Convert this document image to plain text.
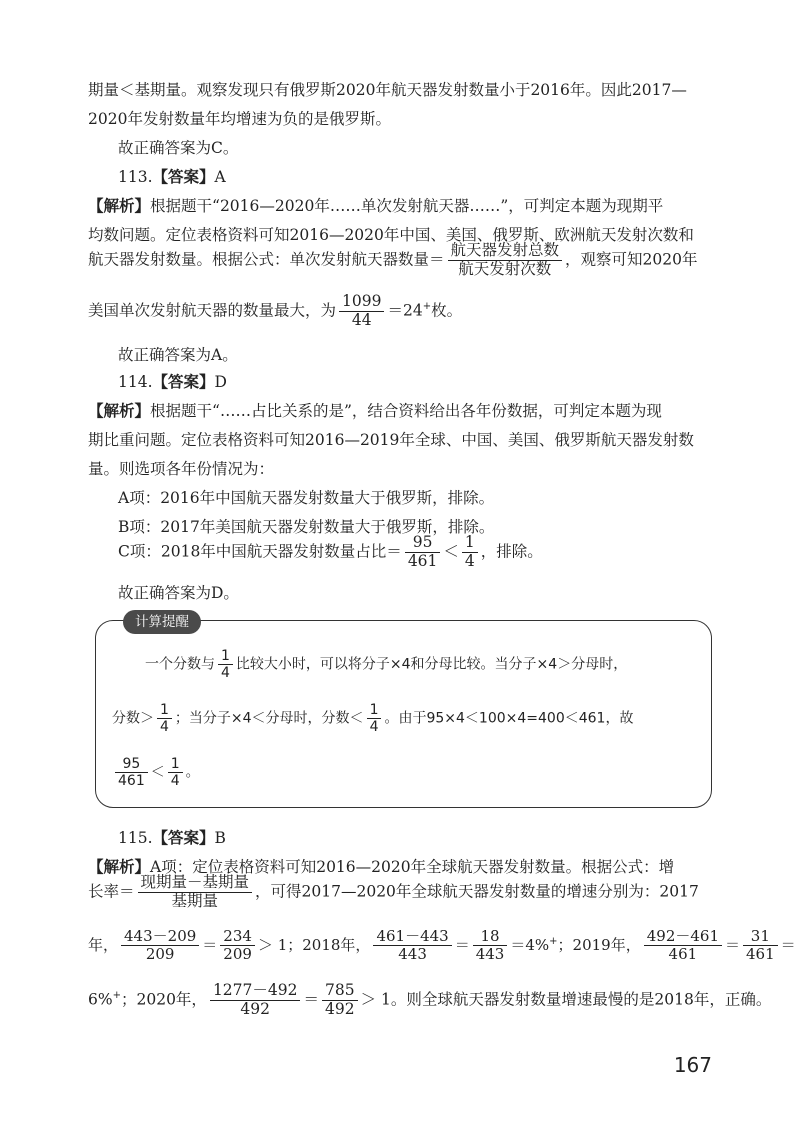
期量＜基期量。观察发现只有俄罗斯2020年航天器发射数量小于2016年。因此2017—
2020年发射数量年均增速为负的是俄罗斯。
故正确答案为C。
113.【答案】A
【解析】根据题干“2016—2020年……单次发射航天器……”，可判定本题为现期平
均数问题。定位表格资料可知2016—2020年中国、美国、俄罗斯、欧洲航天发射次数和
航天器发射数量。根据公式：单次发射航天器数量＝ $\frac{\text{航天器发射总数}}{\text{航天发射次数}}$ ，观察可知2020年
美国单次发射航天器的数量最大，为 $\frac{1099}{44} =24^+$枚。
故正确答案为A。
114.【答案】D
【解析】根据题干“……占比关系的是”，结合资料给出各年份数据，可判定本题为现
期比重问题。定位表格资料可知2016—2019年全球、中国、美国、俄罗斯航天器发射数
量。则选项各年份情况为：
A项：2016年中国航天器发射数量大于俄罗斯，排除。
B项：2017年美国航天器发射数量大于俄罗斯，排除。
C项：2018年中国航天器发射数量占比＝ $\frac{95}{461} < \frac{1}{4}$ ，排除。
故正确答案为D。
计算提醒
一个分数与 $\frac{1}{4}$ 比较大小时，可以将分子×4和分母比较。当分子×4＞分母时，
分数＞ $\frac{1}{4}$ ；当分子×4＜分母时，分数＜ $\frac{1}{4}$ 。由于95×4＜100×4=400＜461，故
$\frac{95}{461} < \frac{1}{4}$ 。
115.【答案】B
【解析】A项：定位表格资料可知2016—2020年全球航天器发射数量。根据公式：增
长率＝ $\frac{\text{现期量－基期量}}{\text{基期量}}$ ，可得2017—2020年全球航天器发射数量的增速分别为：2017
年， $\frac{443-209}{209} = \frac{234}{209} > 1$；2018年， $\frac{461-443}{443} = \frac{18}{443} =4\%^+$；2019年， $\frac{492-461}{461} = \frac{31}{461}$ ＝
6%+；2020年， $\frac{1277-492}{492} = \frac{785}{492} > 1$。则全球航天器发射数量增速最慢的是2018年，正确。
167
